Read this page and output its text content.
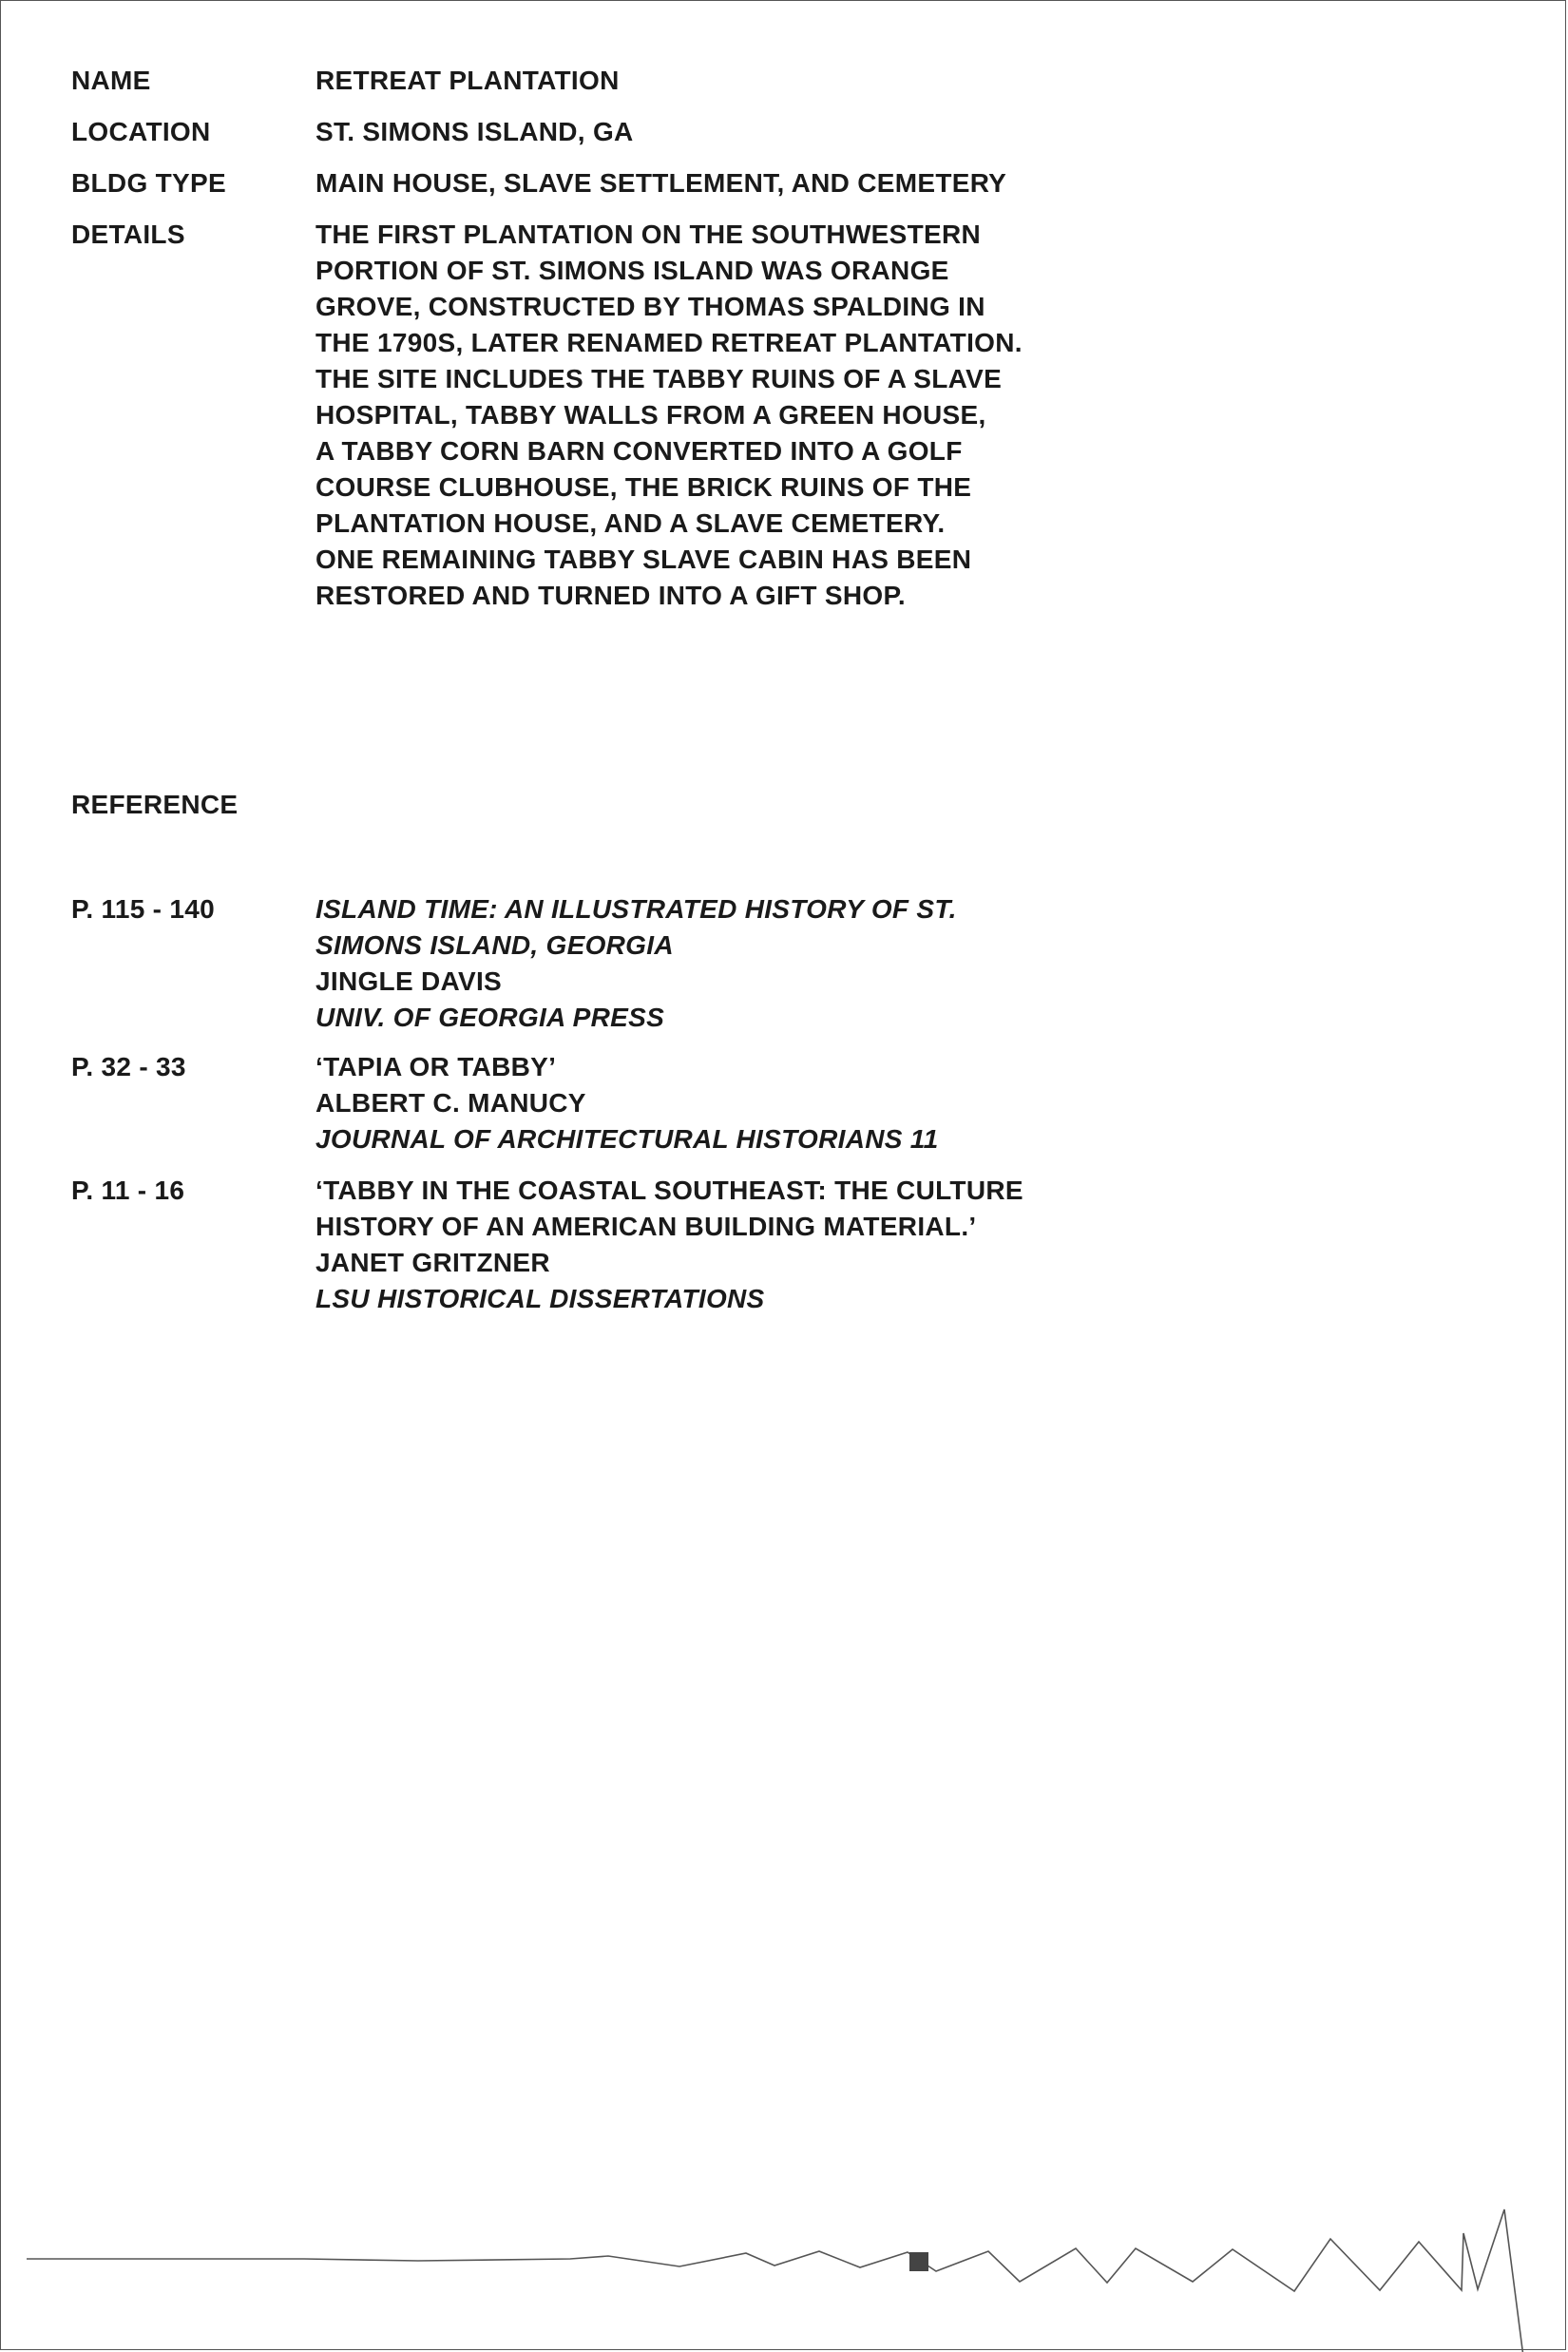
NAME	RETREAT PLANTATION
LOCATION	ST. SIMONS ISLAND, GA
BLDG TYPE	MAIN HOUSE, SLAVE SETTLEMENT, AND CEMETERY
DETAILS	THE FIRST PLANTATION ON THE SOUTHWESTERN
PORTION OF ST. SIMONS ISLAND WAS ORANGE
GROVE, CONSTRUCTED BY THOMAS SPALDING IN
THE 1790S, LATER RENAMED RETREAT PLANTATION.
THE SITE INCLUDES THE TABBY RUINS OF A SLAVE
HOSPITAL, TABBY WALLS FROM A GREEN HOUSE,
A TABBY CORN BARN CONVERTED INTO A GOLF
COURSE CLUBHOUSE, THE BRICK RUINS OF THE
PLANTATION HOUSE, AND A SLAVE CEMETERY.
ONE REMAINING TABBY SLAVE CABIN HAS BEEN
RESTORED AND TURNED INTO A GIFT SHOP.
REFERENCE
P. 115 - 140	ISLAND TIME: AN ILLUSTRATED HISTORY OF ST.
SIMONS ISLAND, GEORGIA
JINGLE DAVIS
UNIV. OF GEORGIA PRESS
P. 32 - 33	‘TAPIA OR TABBY’
ALBERT C. MANUCY
JOURNAL OF ARCHITECTURAL HISTORIANS 11
P. 11 - 16	‘TABBY IN THE COASTAL SOUTHEAST: THE CULTURE
HISTORY OF AN AMERICAN BUILDING MATERIAL.’
JANET GRITZNER
LSU HISTORICAL DISSERTATIONS
